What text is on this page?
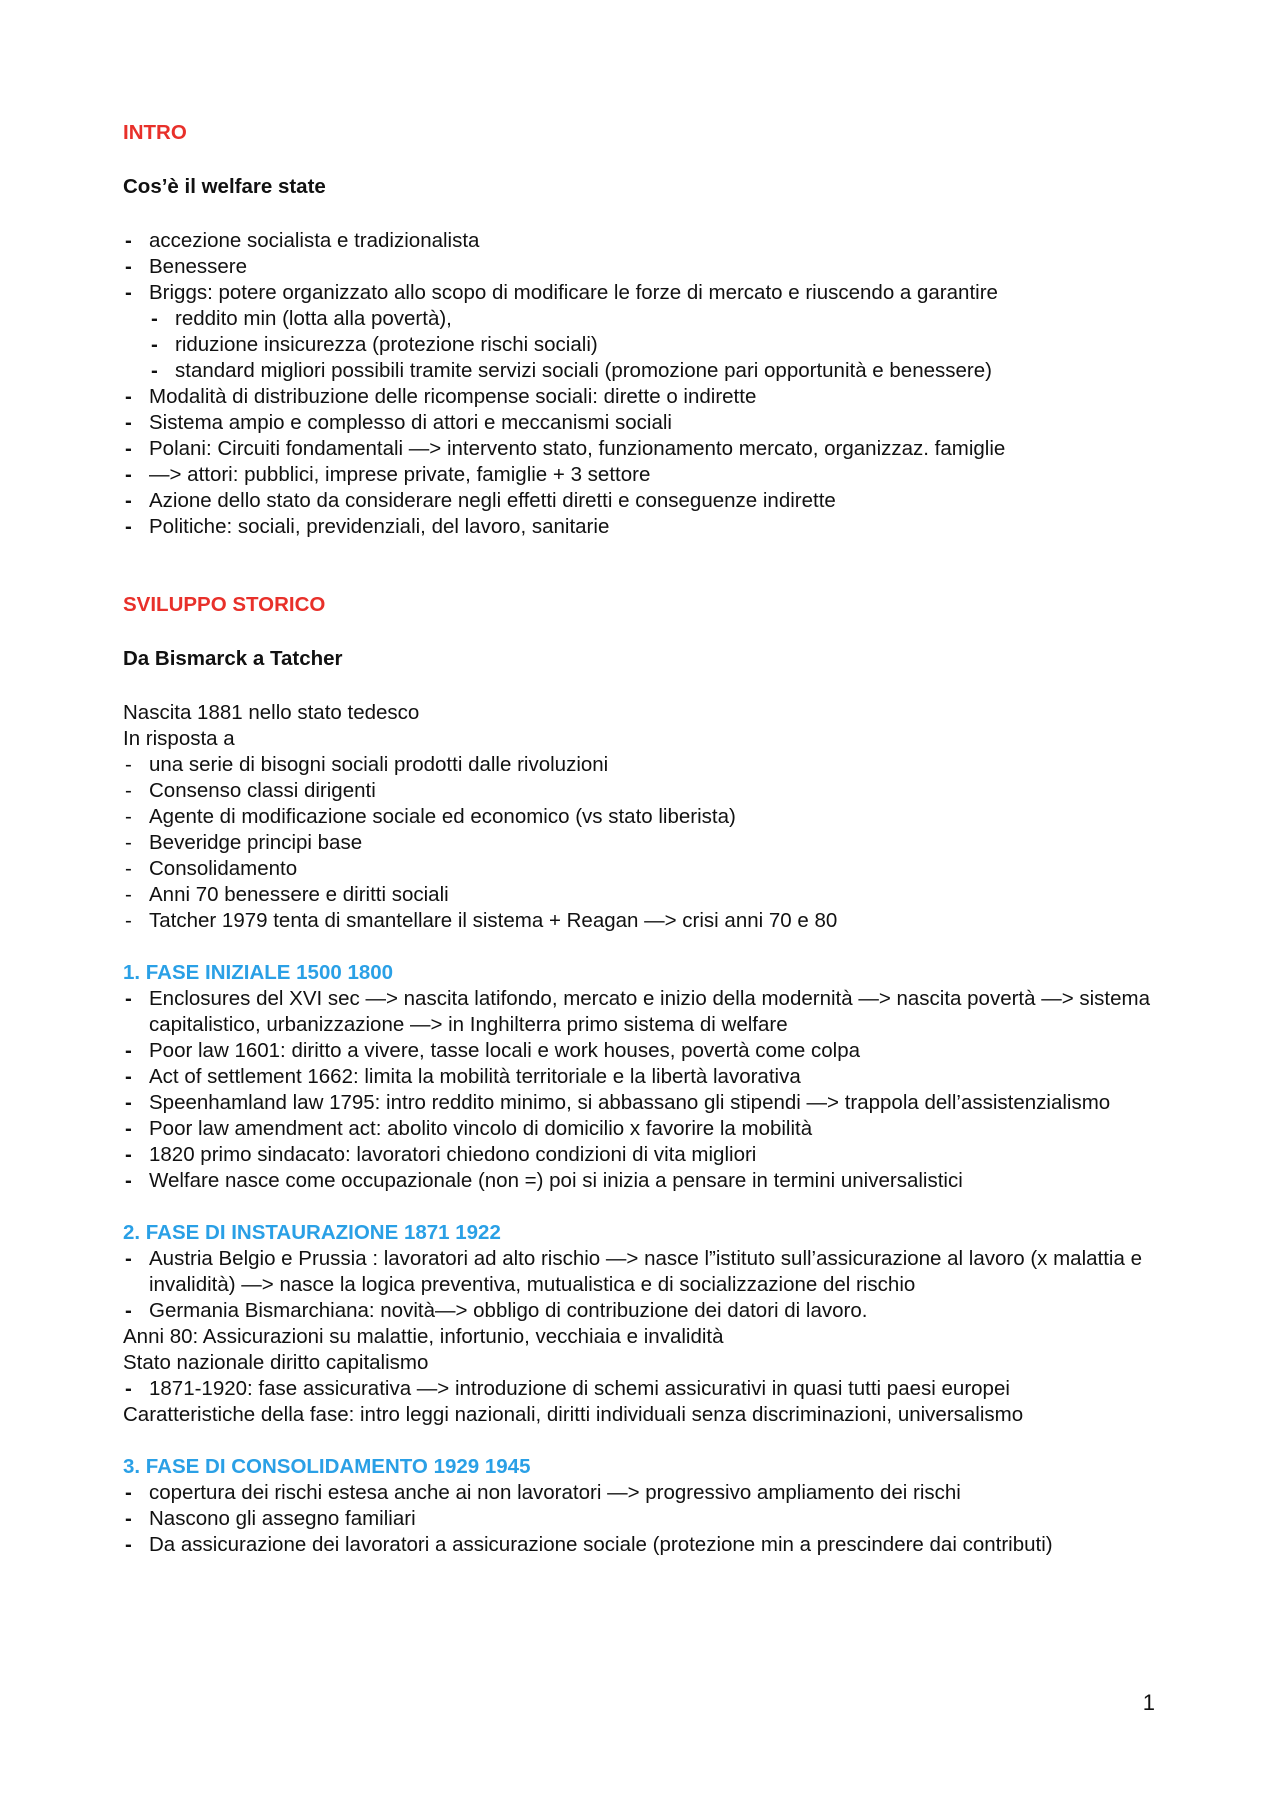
INTRO

Cos’è il welfare state

- accezione socialista e tradizionalista
- Benessere
- Briggs: potere organizzato allo scopo di modificare le forze di mercato e riuscendo a garantire
- reddito min (lotta alla povertà),
- riduzione insicurezza (protezione rischi sociali)
- standard migliori possibili tramite servizi sociali (promozione pari opportunità e benessere)
- Modalità di distribuzione delle ricompense sociali: dirette o indirette
- Sistema ampio e complesso di attori e meccanismi sociali
- Polani: Circuiti fondamentali —> intervento stato, funzionamento mercato, organizzaz. famiglie
- —> attori: pubblici, imprese private, famiglie + 3 settore
- Azione dello stato da considerare negli effetti diretti e conseguenze indirette
- Politiche: sociali, previdenziali, del lavoro, sanitarie

SVILUPPO STORICO

Da Bismarck a Tatcher

Nascita 1881 nello stato tedesco

In risposta a

- una serie di bisogni sociali prodotti dalle rivoluzioni
- Consenso classi dirigenti
- Agente di modificazione sociale ed economico (vs stato liberista)
- Beveridge principi base
- Consolidamento
- Anni 70 benessere e diritti sociali
- Tatcher 1979 tenta di smantellare il sistema + Reagan —> crisi anni 70 e 80

1. FASE INIZIALE 1500 1800

- Enclosures del XVI sec —> nascita latifondo, mercato e inizio della modernità —> nascita povertà —> sistema capitalistico, urbanizzazione —> in Inghilterra primo sistema di welfare
- Poor law 1601: diritto a vivere, tasse locali e work houses, povertà come colpa
- Act of settlement 1662: limita la mobilità territoriale e la libertà lavorativa
- Speenhamland law 1795: intro reddito minimo, si abbassano gli stipendi —> trappola dell’assistenzialismo
- Poor law amendment act: abolito vincolo di domicilio x favorire la mobilità
- 1820 primo sindacato: lavoratori chiedono condizioni di vita migliori
- Welfare nasce come occupazionale (non =) poi si inizia a pensare in termini universalistici

2. FASE DI INSTAURAZIONE 1871 1922

- Austria Belgio e Prussia : lavoratori ad alto rischio —> nasce l”istituto sull’assicurazione al lavoro (x malattia e invalidità) —> nasce la logica preventiva, mutualistica e di socializzazione del rischio
- Germania Bismarchiana: novità—> obbligo di contribuzione dei datori di lavoro.

Anni 80: Assicurazioni su malattie, infortunio, vecchiaia e invalidità

Stato nazionale diritto capitalismo

- 1871-1920: fase assicurativa —> introduzione di schemi assicurativi in quasi tutti paesi europei

Caratteristiche della fase: intro leggi nazionali, diritti individuali senza discriminazioni, universalismo

3. FASE DI CONSOLIDAMENTO 1929 1945

- copertura dei rischi estesa anche ai non lavoratori —> progressivo ampliamento dei rischi
- Nascono gli assegno familiari
- Da assicurazione dei lavoratori a assicurazione sociale (protezione min a prescindere dai contributi)
1
